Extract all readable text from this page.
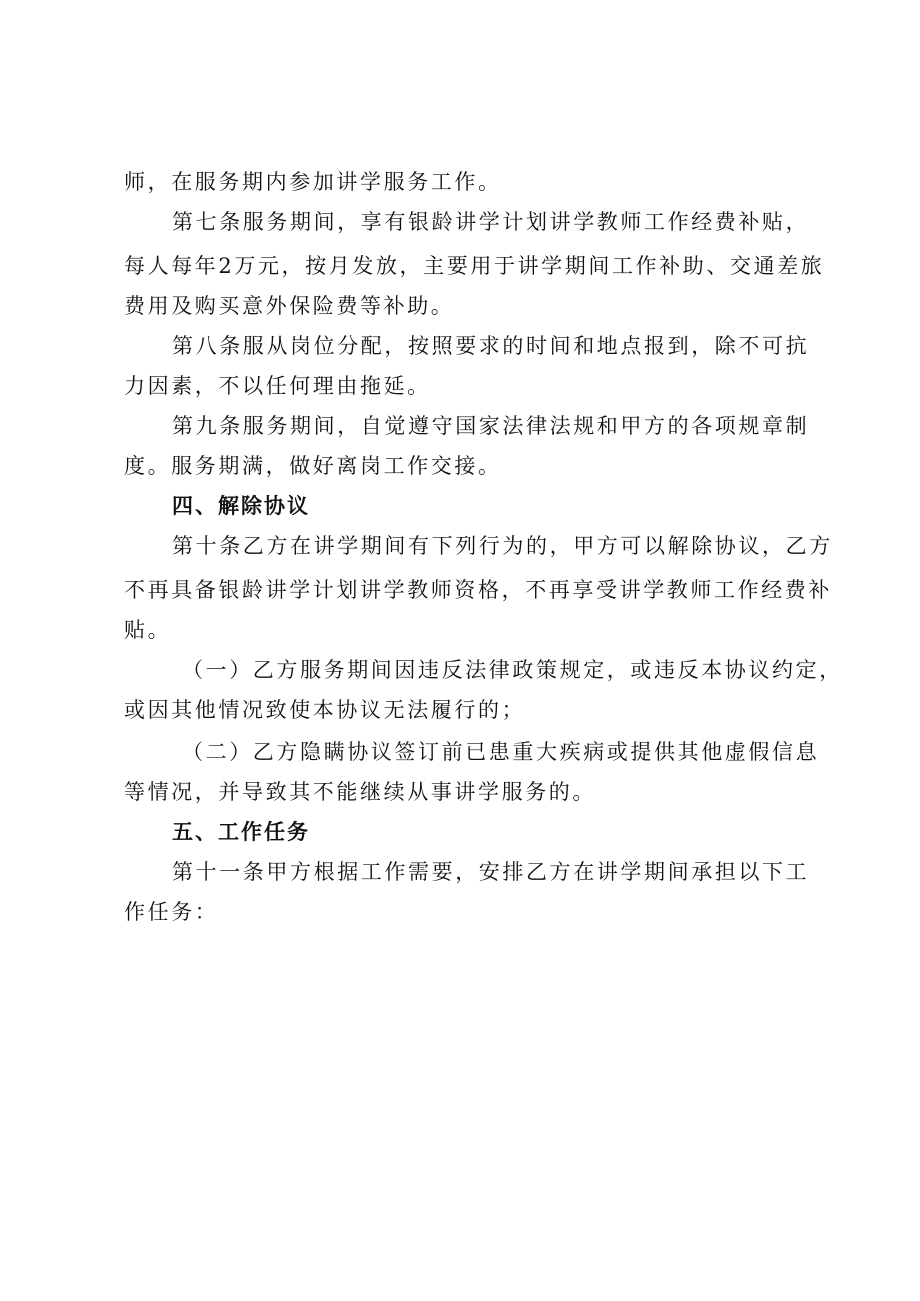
师，在服务期内参加讲学服务工作。
第七条服务期间，享有银龄讲学计划讲学教师工作经费补贴，
每人每年2万元，按月发放，主要用于讲学期间工作补助、交通差旅
费用及购买意外保险费等补助。
第八条服从岗位分配，按照要求的时间和地点报到，除不可抗
力因素，不以任何理由拖延。
第九条服务期间，自觉遵守国家法律法规和甲方的各项规章制
度。服务期满，做好离岗工作交接。
四、解除协议
第十条乙方在讲学期间有下列行为的，甲方可以解除协议，乙方
不再具备银龄讲学计划讲学教师资格，不再享受讲学教师工作经费补
贴。
（一）乙方服务期间因违反法律政策规定，或违反本协议约定，
或因其他情况致使本协议无法履行的；
（二）乙方隐瞒协议签订前已患重大疾病或提供其他虚假信息
等情况，并导致其不能继续从事讲学服务的。
五、工作任务
第十一条甲方根据工作需要，安排乙方在讲学期间承担以下工
作任务：
